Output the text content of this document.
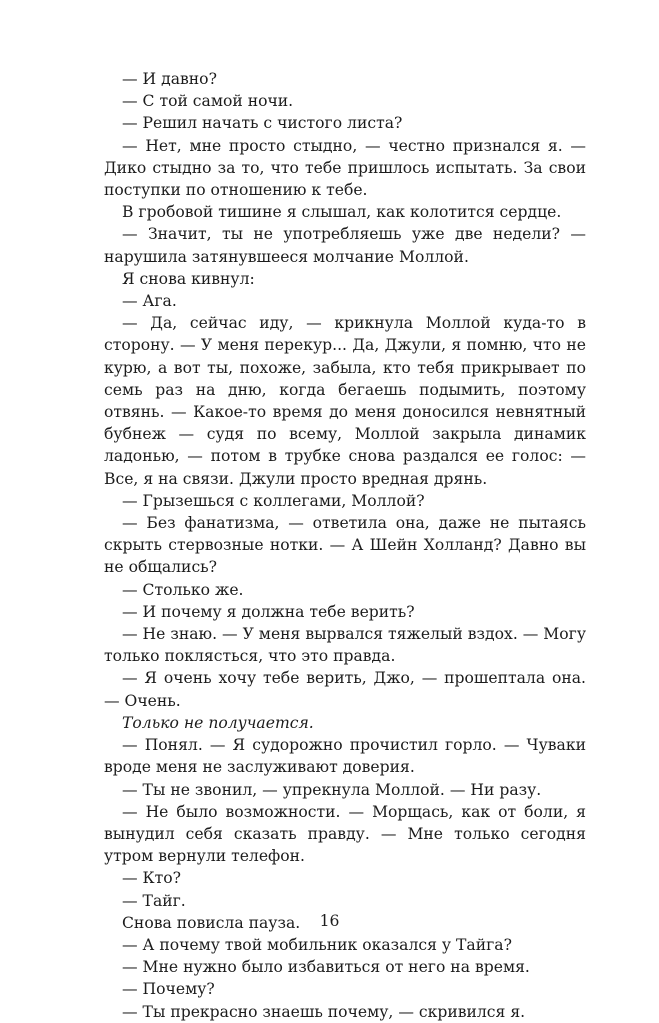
— И давно?

— С той самой ночи.

— Решил начать с чистого листа?

— Нет, мне просто стыдно, — честно признался я. — Дико стыдно за то, что тебе пришлось испытать. За свои поступки по отношению к тебе.

В гробовой тишине я слышал, как колотится сердце.

— Значит, ты не употребляешь уже две недели? — нарушила затянувшееся молчание Моллой.

Я снова кивнул:

— Ага.

— Да, сейчас иду, — крикнула Моллой куда-то в сторону. — У меня перекур... Да, Джули, я помню, что не курю, а вот ты, похоже, забыла, кто тебя прикрывает по семь раз на дню, когда бегаешь подымить, поэтому отвянь. — Какое-то время до меня доносился невнятный бубнеж — судя по всему, Моллой закрыла динамик ладонью, — потом в трубке снова раздался ее голос: — Все, я на связи. Джули просто вредная дрянь.

— Грызешься с коллегами, Моллой?

— Без фанатизма, — ответила она, даже не пытаясь скрыть стервозные нотки. — А Шейн Холланд? Давно вы не общались?

— Столько же.

— И почему я должна тебе верить?

— Не знаю. — У меня вырвался тяжелый вздох. — Могу только поклясться, что это правда.

— Я очень хочу тебе верить, Джо, — прошептала она. — Очень.

Только не получается.

— Понял. — Я судорожно прочистил горло. — Чуваки вроде меня не заслуживают доверия.

— Ты не звонил, — упрекнула Моллой. — Ни разу.

— Не было возможности. — Морщась, как от боли, я вынудил себя сказать правду. — Мне только сегодня утром вернули телефон.

— Кто?

— Тайг.

Снова повисла пауза.

— А почему твой мобильник оказался у Тайга?

— Мне нужно было избавиться от него на время.

— Почему?

— Ты прекрасно знаешь почему, — скривился я.

16
